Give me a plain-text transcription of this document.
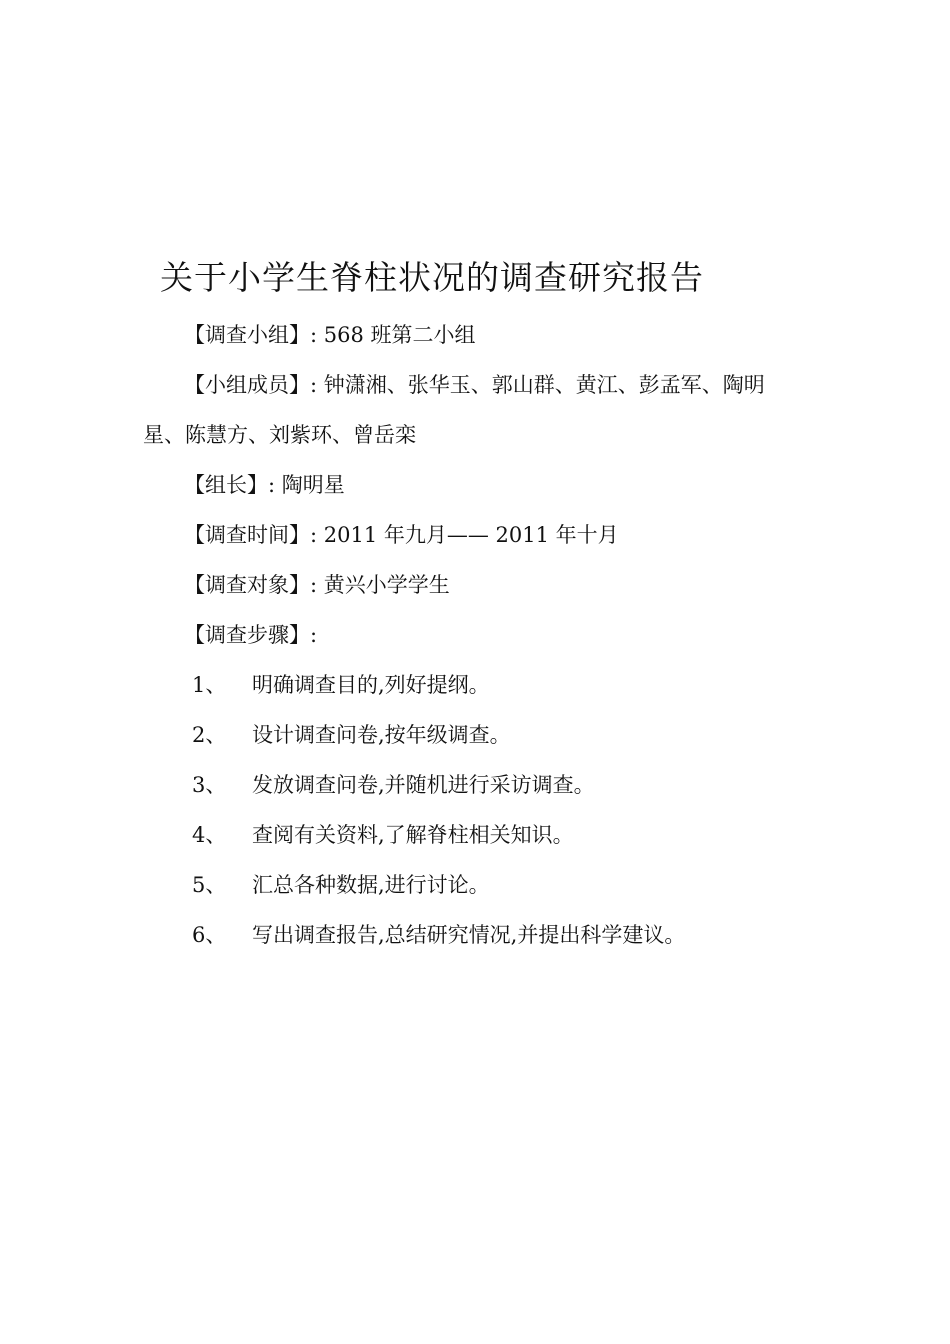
关于小学生脊柱状况的调查研究报告
【调查小组】: 568 班第二小组
【小组成员】: 钟潇湘、张华玉、郭山群、黄江、彭孟军、陶明
星、陈慧方、刘紫环、曾岳栾
【组长】: 陶明星
【调查时间】: 2011 年九月—— 2011 年十月
【调查对象】: 黄兴小学学生
【调查步骤】:
1、 明确调查目的,列好提纲。
2、 设计调查问卷,按年级调查。
3、 发放调查问卷,并随机进行采访调查。
4、 查阅有关资料,了解脊柱相关知识。
5、 汇总各种数据,进行讨论。
6、 写出调查报告,总结研究情况,并提出科学建议。
